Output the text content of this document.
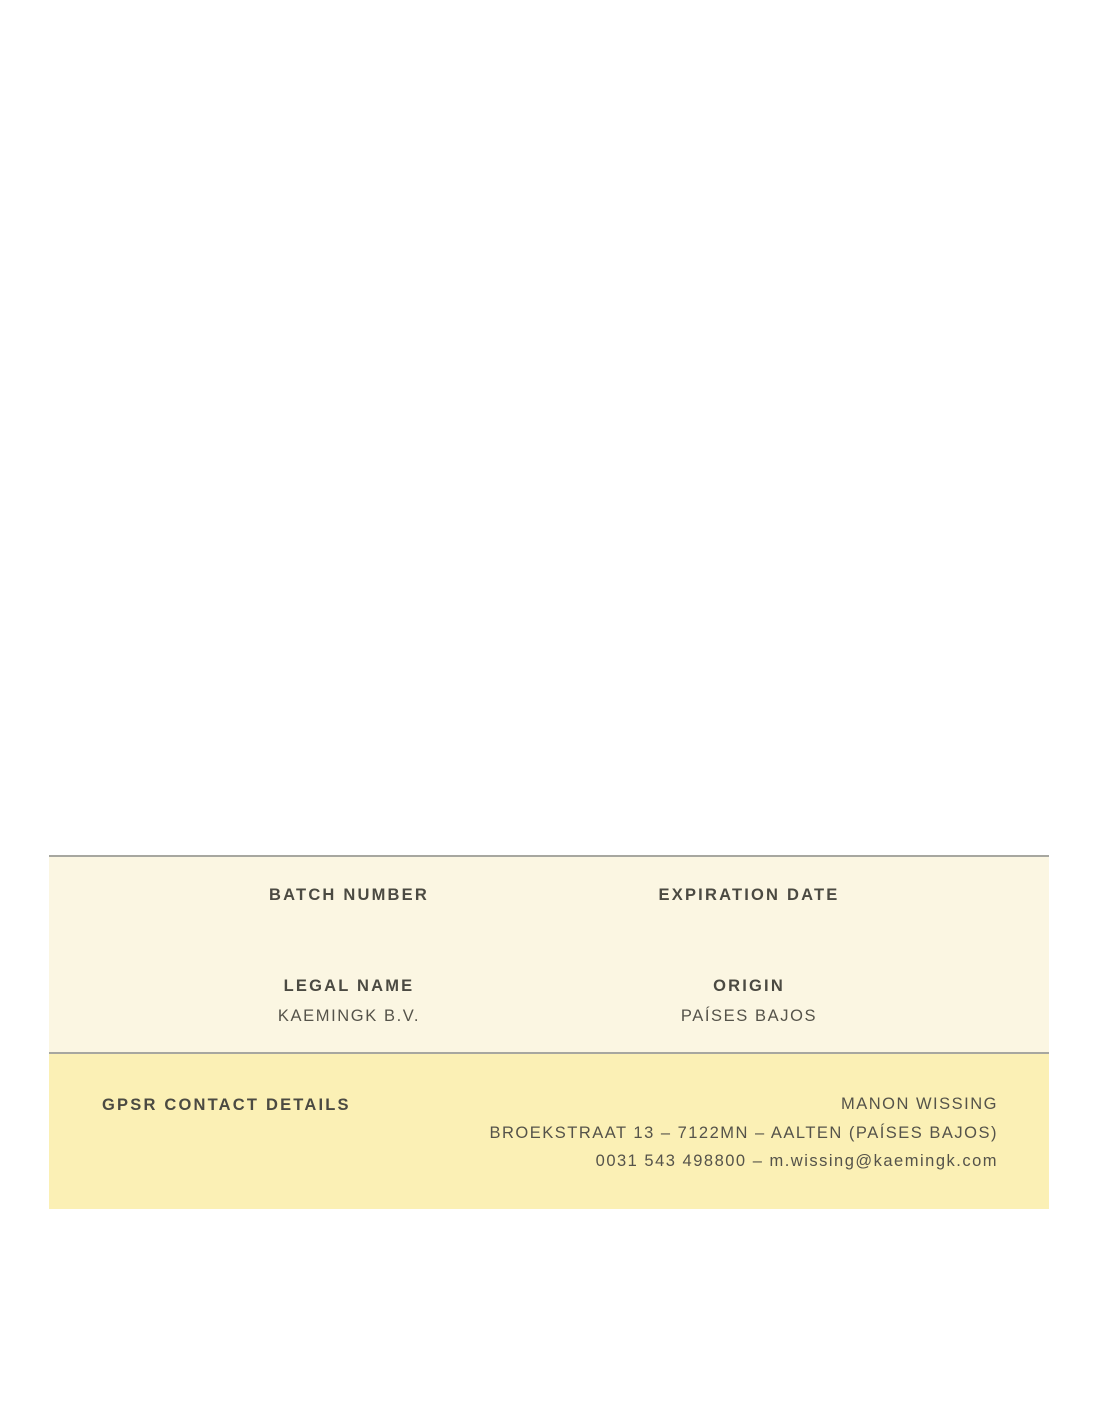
BATCH NUMBER
LEGAL NAME
KAEMINGK B.V.
EXPIRATION DATE
ORIGIN
PAÍSES BAJOS
GPSR CONTACT DETAILS	MANON WISSING
BROEKSTRAAT 13 – 7122MN – AALTEN (PAÍSES BAJOS)
0031 543 498800 – m.wissing@kaemingk.com
